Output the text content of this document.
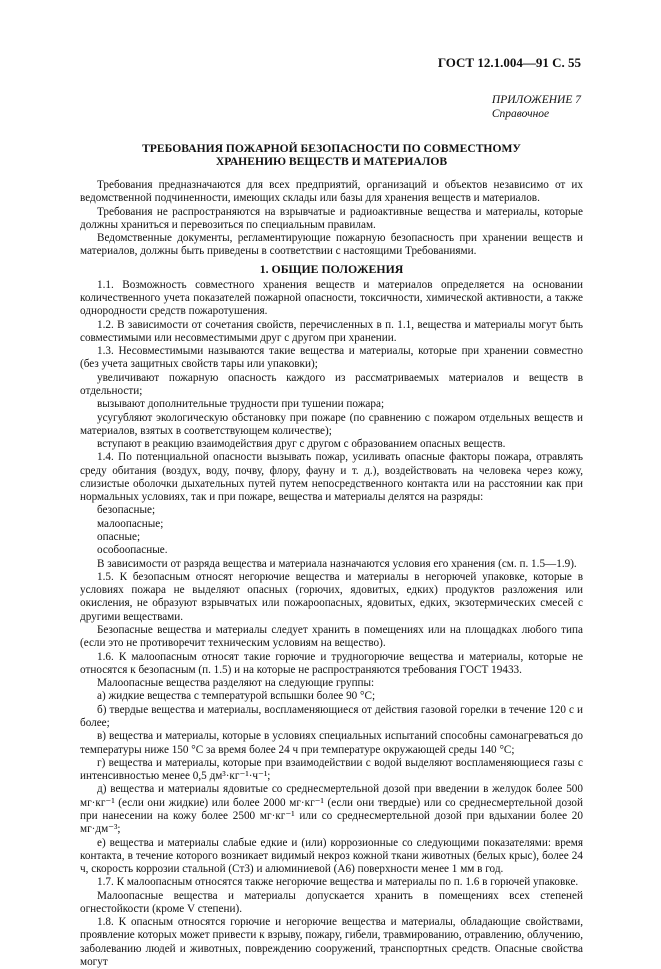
ГОСТ 12.1.004—91 С. 55
ПРИЛОЖЕНИЕ 7
Справочное
ТРЕБОВАНИЯ ПОЖАРНОЙ БЕЗОПАСНОСТИ ПО СОВМЕСТНОМУ
ХРАНЕНИЮ ВЕЩЕСТВ И МАТЕРИАЛОВ

Требования предназначаются для всех предприятий, организаций и объектов независимо от их ведомственной подчиненности, имеющих склады или базы для хранения веществ и материалов.

Требования не распространяются на взрывчатые и радиоактивные вещества и материалы, которые должны храниться и перевозиться по специальным правилам.

Ведомственные документы, регламентирующие пожарную безопасность при хранении веществ и материалов, должны быть приведены в соответствии с настоящими Требованиями.

1. ОБЩИЕ ПОЛОЖЕНИЯ

1.1. Возможность совместного хранения веществ и материалов определяется на основании количественного учета показателей пожарной опасности, токсичности, химической активности, а также однородности средств пожаротушения.

1.2. В зависимости от сочетания свойств, перечисленных в п. 1.1, вещества и материалы могут быть совместимыми или несовместимыми друг с другом при хранении.

1.3. Несовместимыми называются такие вещества и материалы, которые при хранении совместно (без учета защитных свойств тары или упаковки);

увеличивают пожарную опасность каждого из рассматриваемых материалов и веществ в отдельности;

вызывают дополнительные трудности при тушении пожара;

усугубляют экологическую обстановку при пожаре (по сравнению с пожаром отдельных веществ и материалов, взятых в соответствующем количестве);

вступают в реакцию взаимодействия друг с другом с образованием опасных веществ.

1.4. По потенциальной опасности вызывать пожар, усиливать опасные факторы пожара, отравлять среду обитания (воздух, воду, почву, флору, фауну и т. д.), воздействовать на человека через кожу, слизистые оболочки дыхательных путей путем непосредственного контакта или на расстоянии как при нормальных условиях, так и при пожаре, вещества и материалы делятся на разряды:

безопасные;

малоопасные;

опасные;

особоопасные.

В зависимости от разряда вещества и материала назначаются условия его хранения (см. п. 1.5—1.9).

1.5. К безопасным относят негорючие вещества и материалы в негорючей упаковке, которые в условиях пожара не выделяют опасных (горючих, ядовитых, едких) продуктов разложения или окисления, не образуют взрывчатых или пожароопасных, ядовитых, едких, экзотермических смесей с другими веществами.

Безопасные вещества и материалы следует хранить в помещениях или на площадках любого типа (если это не противоречит техническим условиям на вещество).

1.6. К малоопасным относят такие горючие и трудногорючие вещества и материалы, которые не относятся к безопасным (п. 1.5) и на которые не распространяются требования ГОСТ 19433.

Малоопасные вещества разделяют на следующие группы:

а) жидкие вещества с температурой вспышки более 90 °С;

б) твердые вещества и материалы, воспламеняющиеся от действия газовой горелки в течение 120 с и более;

в) вещества и материалы, которые в условиях специальных испытаний способны самонагреваться до температуры ниже 150 °С за время более 24 ч при температуре окружающей среды 140 °С;

г) вещества и материалы, которые при взаимодействии с водой выделяют воспламеняющиеся газы с интенсивностью менее 0,5 дм³·кг⁻¹·ч⁻¹;

д) вещества и материалы ядовитые со среднесмертельной дозой при введении в желудок более 500 мг·кг⁻¹ (если они жидкие) или более 2000 мг·кг⁻¹ (если они твердые) или со среднесмертельной дозой при нанесении на кожу более 2500 мг·кг⁻¹ или со среднесмертельной дозой при вдыхании более 20 мг·дм⁻³;

е) вещества и материалы слабые едкие и (или) коррозионные со следующими показателями: время контакта, в течение которого возникает видимый некроз кожной ткани животных (белых крыс), более 24 ч, скорость коррозии стальной (Ст3) и алюминиевой (А6) поверхности менее 1 мм в год.

1.7. К малоопасным относятся также негорючие вещества и материалы по п. 1.6 в горючей упаковке.

Малоопасные вещества и материалы допускается хранить в помещениях всех степеней огнестойкости (кроме V степени).

1.8. К опасным относятся горючие и негорючие вещества и материалы, обладающие свойствами, проявление которых может привести к взрыву, пожару, гибели, травмированию, отравлению, облучению, заболеванию людей и животных, повреждению сооружений, транспортных средств. Опасные свойства могут
